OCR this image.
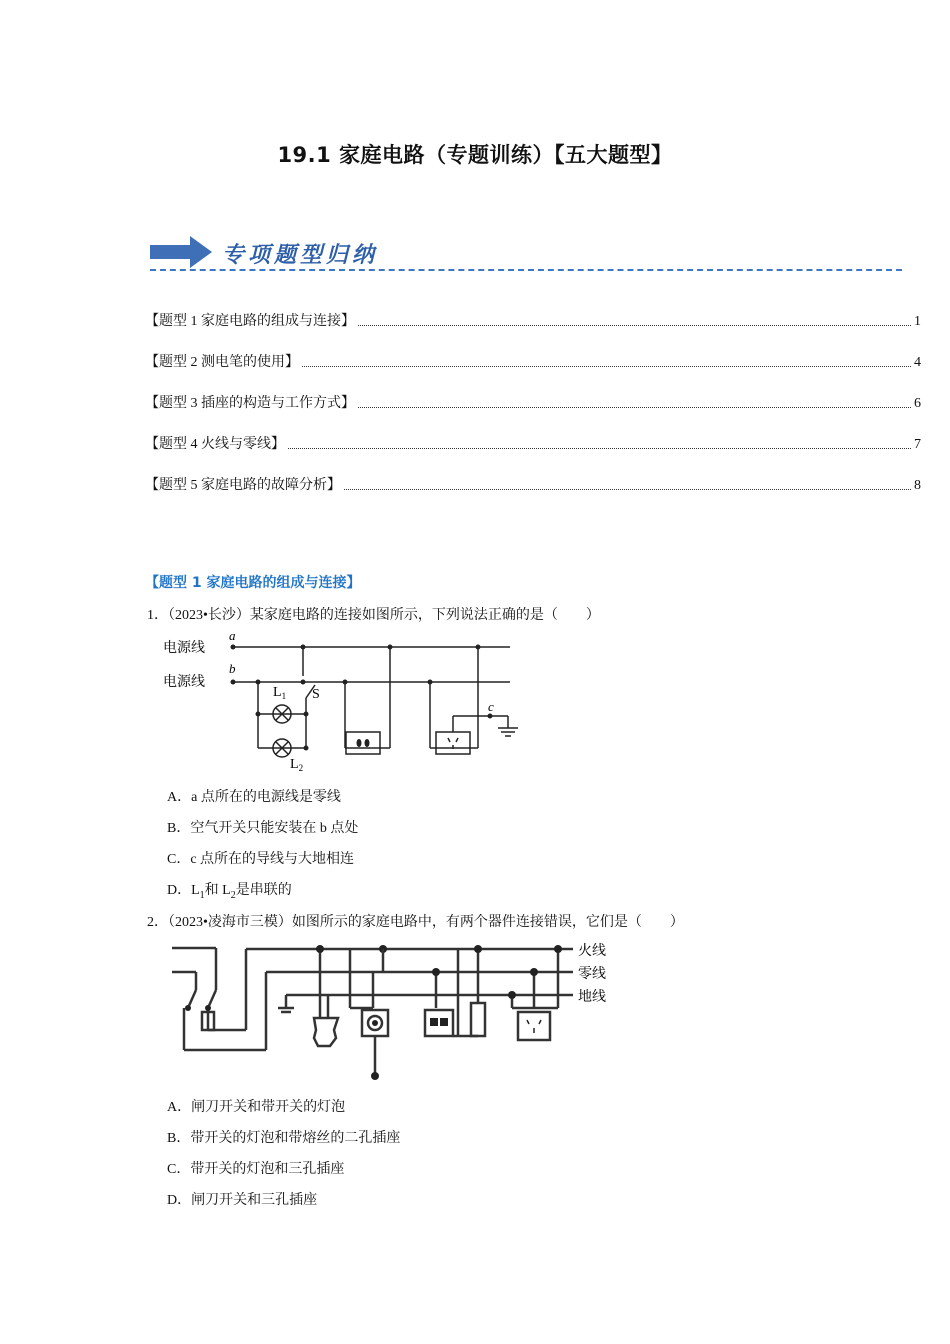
19.1 家庭电路（专题训练）【五大题型】
专项题型归纳
【题型 1 家庭电路的组成与连接】	1
【题型 2 测电笔的使用】	4
【题型 3 插座的构造与工作方式】	6
【题型 4 火线与零线】	7
【题型 5 家庭电路的故障分析】	8
【题型 1 家庭电路的组成与连接】
1．（2023•长沙）某家庭电路的连接如图所示，下列说法正确的是（　　）
电源线
电源线
a
b
c
S
$L_1$
$L_2$
A．a 点所在的电源线是零线
B．空气开关只能安装在 b 点处
C．c 点所在的导线与大地相连
D．$L_1$和 $L_2$是串联的
2．（2023•凌海市三模）如图所示的家庭电路中，有两个器件连接错误，它们是（　　）
火线
零线
地线
A．闸刀开关和带开关的灯泡
B．带开关的灯泡和带熔丝的二孔插座
C．带开关的灯泡和三孔插座
D．闸刀开关和三孔插座
